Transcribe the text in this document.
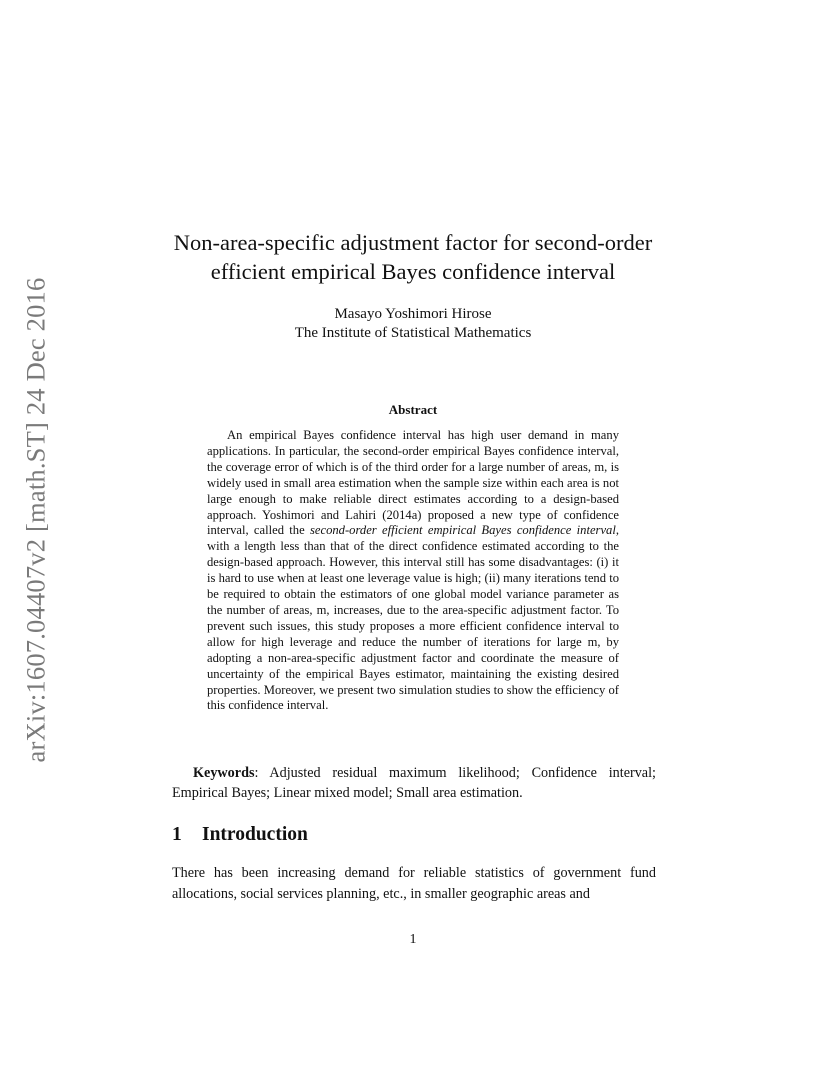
arXiv:1607.04407v2 [math.ST] 24 Dec 2016
Non-area-specific adjustment factor for second-order
efficient empirical Bayes confidence interval
Masayo Yoshimori Hirose
The Institute of Statistical Mathematics
Abstract
An empirical Bayes confidence interval has high user demand in many applications. In particular, the second-order empirical Bayes confidence interval, the coverage error of which is of the third order for a large number of areas, m, is widely used in small area estimation when the sample size within each area is not large enough to make reliable direct estimates according to a design-based approach. Yoshimori and Lahiri (2014a) proposed a new type of confidence interval, called the second-order efficient empirical Bayes confidence interval, with a length less than that of the direct confidence estimated according to the design-based approach. However, this interval still has some disadvantages: (i) it is hard to use when at least one leverage value is high; (ii) many iterations tend to be required to obtain the estimators of one global model variance parameter as the number of areas, m, increases, due to the area-specific adjustment factor. To prevent such issues, this study proposes a more efficient confidence interval to allow for high leverage and reduce the number of iterations for large m, by adopting a non-area-specific adjustment factor and coordinate the measure of uncertainty of the empirical Bayes estimator, maintaining the existing desired properties. Moreover, we present two simulation studies to show the efficiency of this confidence interval.
Keywords: Adjusted residual maximum likelihood; Confidence interval; Empirical Bayes; Linear mixed model; Small area estimation.
1 Introduction
There has been increasing demand for reliable statistics of government fund allocations, social services planning, etc., in smaller geographic areas and
1
